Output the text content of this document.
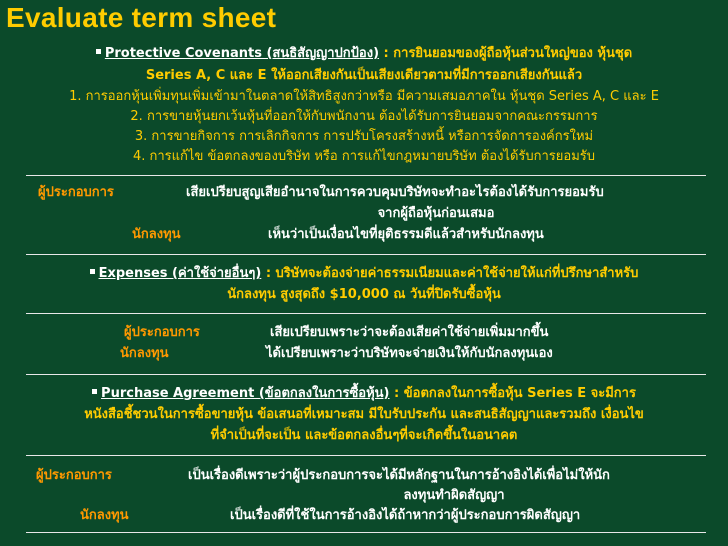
Evaluate term sheet
Protective Covenants (สนธิสัญญาปกป้อง) : การยินยอมของผู้ถือหุ้นส่วนใหญ่ของ หุ้นชุด
Series A, C และ E ให้ออกเสียงกันเป็นเสียงเดียวตามที่มีการออกเสียงกันแล้ว
1. การออกหุ้นเพิ่มทุนเพิ่มเข้ามาในตลาดให้สิทธิสูงกว่าหรือ มีความเสมอภาคใน หุ้นชุด Series A, C และ E
2. การขายหุ้นยกเว้นหุ้นที่ออกให้กับพนักงาน ต้องได้รับการยินยอมจากคณะกรรมการ
3. การขายกิจการ การเลิกกิจการ การปรับโครงสร้างหนี้ หรือการจัดการองค์กรใหม่
4. การแก้ไข ข้อตกลงของบริษัท หรือ การแก้ไขกฎหมายบริษัท ต้องได้รับการยอมรับ
ผู้ประกอบการ	เสียเปรียบสูญเสียอำนาจในการควบคุมบริษัทจะทำอะไรต้องได้รับการยอมรับ
จากผู้ถือหุ้นก่อนเสมอ
นักลงทุน	เห็นว่าเป็นเงื่อนไขที่ยุติธรรมดีแล้วสำหรับนักลงทุน
Expenses (ค่าใช้จ่ายอื่นๆ) : บริษัทจะต้องจ่ายค่าธรรมเนียมและค่าใช้จ่ายให้แก่ที่ปรึกษาสำหรับ
นักลงทุน สูงสุดถึง $10,000 ณ วันที่ปิดรับซื้อหุ้น
ผู้ประกอบการ	เสียเปรียบเพราะว่าจะต้องเสียค่าใช้จ่ายเพิ่มมากขึ้น
นักลงทุน	ได้เปรียบเพราะว่าบริษัทจะจ่ายเงินให้กับนักลงทุนเอง
Purchase Agreement (ข้อตกลงในการซื้อหุ้น) : ข้อตกลงในการซื้อหุ้น Series E จะมีการ
หนังสือชี้ชวนในการซื้อขายหุ้น ข้อเสนอที่เหมาะสม มีใบรับประกัน และสนธิสัญญาและรวมถึง เงื่อนไข
ที่จำเป็นที่จะเป็น และข้อตกลงอื่นๆที่จะเกิดขึ้นในอนาคต
ผู้ประกอบการ	เป็นเรื่องดีเพราะว่าผู้ประกอบการจะได้มีหลักฐานในการอ้างอิงได้เพื่อไม่ให้นัก
ลงทุนทำผิดสัญญา
นักลงทุน	เป็นเรื่องดีที่ใช้ในการอ้างอิงได้ถ้าหากว่าผู้ประกอบการผิดสัญญา
